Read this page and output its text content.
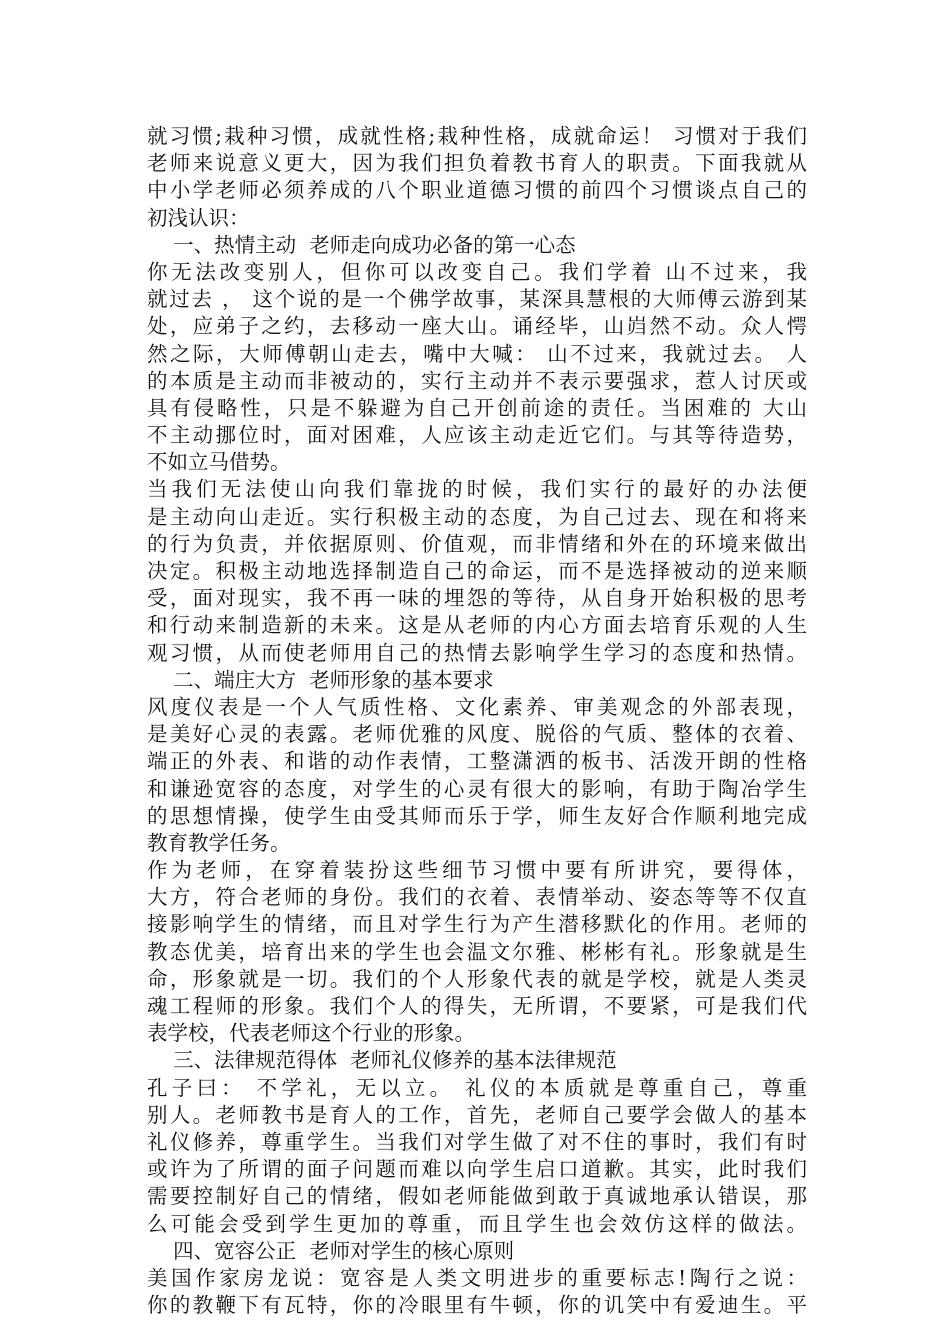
就习惯;栽种习惯，成就性格;栽种性格，成就命运！ 习惯对于我们
老师来说意义更大，因为我们担负着教书育人的职责。下面我就从
中小学老师必须养成的八个职业道德习惯的前四个习惯谈点自己的
初浅认识：
一、热情主动  老师走向成功必备的第一心态
你无法改变别人，但你可以改变自己。我们学着 山不过来，我
就过去 ， 这个说的是一个佛学故事，某深具慧根的大师傅云游到某
处，应弟子之约，去移动一座大山。诵经毕，山岿然不动。众人愕
然之际，大师傅朝山走去，嘴中大喊： 山不过来，我就过去。 人
的本质是主动而非被动的，实行主动并不表示要强求，惹人讨厌或
具有侵略性，只是不躲避为自己开创前途的责任。当困难的 大山
不主动挪位时，面对困难，人应该主动走近它们。与其等待造势，
不如立马借势。
当我们无法使山向我们靠拢的时候，我们实行的最好的办法便
是主动向山走近。实行积极主动的态度，为自己过去、现在和将来
的行为负责，并依据原则、价值观，而非情绪和外在的环境来做出
决定。积极主动地选择制造自己的命运，而不是选择被动的逆来顺
受，面对现实，我不再一味的埋怨的等待，从自身开始积极的思考
和行动来制造新的未来。这是从老师的内心方面去培育乐观的人生
观习惯，从而使老师用自己的热情去影响学生学习的态度和热情。
二、端庄大方  老师形象的基本要求
风度仪表是一个人气质性格、文化素养、审美观念的外部表现，
是美好心灵的表露。老师优雅的风度、脱俗的气质、整体的衣着、
端正的外表、和谐的动作表情，工整潇洒的板书、活泼开朗的性格
和谦逊宽容的态度，对学生的心灵有很大的影响，有助于陶冶学生
的思想情操，使学生由受其师而乐于学，师生友好合作顺利地完成
教育教学任务。
作为老师，在穿着装扮这些细节习惯中要有所讲究，要得体，
大方，符合老师的身份。我们的衣着、表情举动、姿态等等不仅直
接影响学生的情绪，而且对学生行为产生潜移默化的作用。老师的
教态优美，培育出来的学生也会温文尔雅、彬彬有礼。形象就是生
命，形象就是一切。我们的个人形象代表的就是学校，就是人类灵
魂工程师的形象。我们个人的得失，无所谓，不要紧，可是我们代
表学校，代表老师这个行业的形象。
三、法律规范得体  老师礼仪修养的基本法律规范
孔子曰： 不学礼，无以立。 礼仪的本质就是尊重自己，尊重
别人。老师教书是育人的工作，首先，老师自己要学会做人的基本
礼仪修养，尊重学生。当我们对学生做了对不住的事时，我们有时
或许为了所谓的面子问题而难以向学生启口道歉。其实，此时我们
需要控制好自己的情绪，假如老师能做到敢于真诚地承认错误，那
么可能会受到学生更加的尊重，而且学生也会效仿这样的做法。
四、宽容公正  老师对学生的核心原则
美国作家房龙说：宽容是人类文明进步的重要标志!陶行之说：
你的教鞭下有瓦特，你的冷眼里有牛顿，你的讥笑中有爱迪生。平
